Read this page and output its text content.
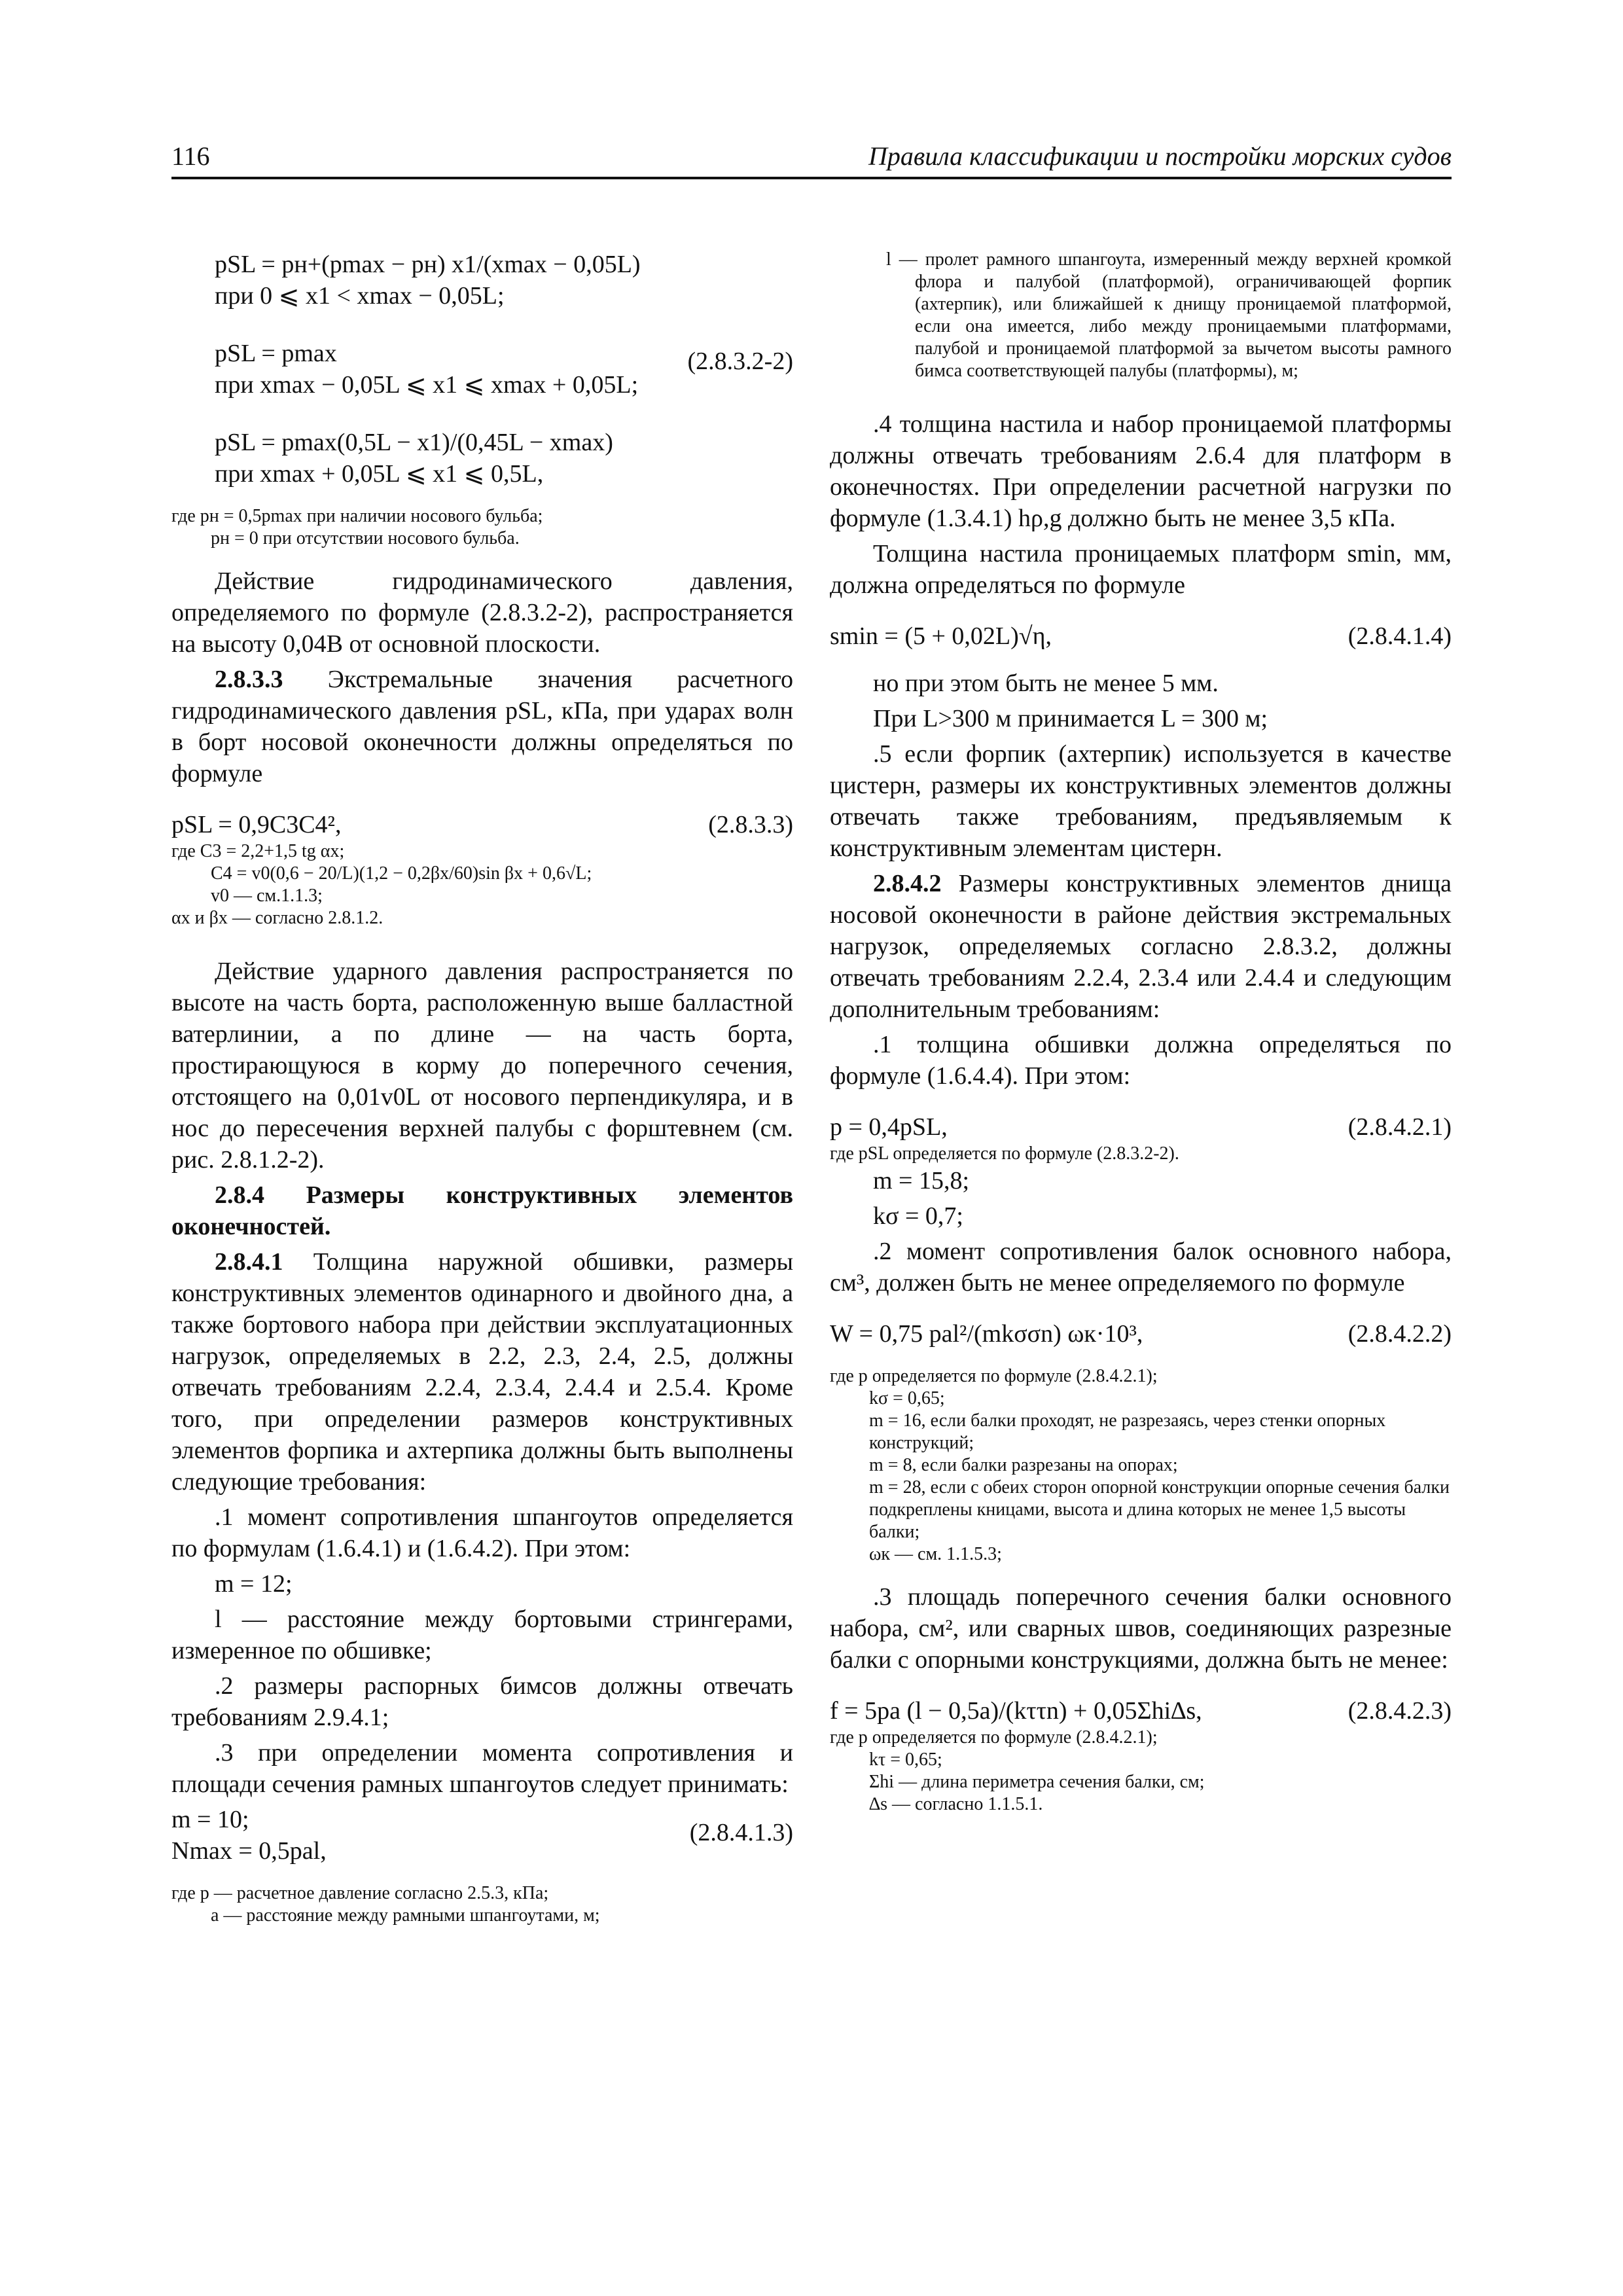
116	Правила классификации и постройки морских судов
pSL = pн+(pmax − pн) x1/(xmax − 0,05L)
при 0 ⩽ x1 < xmax − 0,05L;
pSL = pmax
при xmax − 0,05L ⩽ x1 ⩽ xmax + 0,05L;
(2.8.3.2-2)
pSL = pmax(0,5L − x1)/(0,45L − xmax)
при xmax + 0,05L ⩽ x1 ⩽ 0,5L,
где pн = 0,5pmax при наличии носового бульба;
pн = 0 при отсутствии носового бульба.

Действие гидродинамического давления, определяемого по формуле (2.8.3.2-2), распространяется на высоту 0,04B от основной плоскости.

2.8.3.3 Экстремальные значения расчетного гидродинамического давления pSL, кПа, при ударах волн в борт носовой оконечности должны определяться по формуле

pSL = 0,9C3C4²,	(2.8.3.3)
где C3 = 2,2+1,5 tg αx;
C4 = v0(0,6 − 20/L)(1,2 − 0,2βx/60)sin βx + 0,6√L;
v0 — см.1.1.3;
αx и βx — согласно 2.8.1.2.

Действие ударного давления распространяется по высоте на часть борта, расположенную выше балластной ватерлинии, а по длине — на часть борта, простирающуюся в корму до поперечного сечения, отстоящего на 0,01v0L от носового перпендикуляра, и в нос до пересечения верхней палубы с форштевнем (см. рис. 2.8.1.2-2).

2.8.4 Размеры конструктивных элементов оконечностей.

2.8.4.1 Толщина наружной обшивки, размеры конструктивных элементов одинарного и двойного дна, а также бортового набора при действии эксплуатационных нагрузок, определяемых в 2.2, 2.3, 2.4, 2.5, должны отвечать требованиям 2.2.4, 2.3.4, 2.4.4 и 2.5.4. Кроме того, при определении размеров конструктивных элементов форпика и ахтерпика должны быть выполнены следующие требования:

.1 момент сопротивления шпангоутов определяется по формулам (1.6.4.1) и (1.6.4.2). При этом:

m = 12;

l — расстояние между бортовыми стрингерами, измеренное по обшивке;

.2 размеры распорных бимсов должны отвечать требованиям 2.9.4.1;

.3 при определении момента сопротивления и площади сечения рамных шпангоутов следует принимать:

m = 10;
Nmax = 0,5pal,
(2.8.4.1.3)
где p — расчетное давление согласно 2.5.3, кПа;
a — расстояние между рамными шпангоутами, м;
l — пролет рамного шпангоута, измеренный между верхней кромкой флора и палубой (платформой), ограничивающей форпик (ахтерпик), или ближайшей к днищу проницаемой платформой, если она имеется, либо между проницаемыми платформами, палубой и проницаемой платформой за вычетом высоты рамного бимса соответствующей палубы (платформы), м;

.4 толщина настила и набор проницаемой платформы должны отвечать требованиям 2.6.4 для платформ в оконечностях. При определении расчетной нагрузки по формуле (1.3.4.1) hρ,g должно быть не менее 3,5 кПа.

Толщина настила проницаемых платформ smin, мм, должна определяться по формуле

smin = (5 + 0,02L)√η,	(2.8.4.1.4)

но при этом быть не менее 5 мм.

При L>300 м принимается L = 300 м;

.5 если форпик (ахтерпик) используется в качестве цистерн, размеры их конструктивных элементов должны отвечать также требованиям, предъявляемым к конструктивным элементам цистерн.

2.8.4.2 Размеры конструктивных элементов днища носовой оконечности в районе действия экстремальных нагрузок, определяемых согласно 2.8.3.2, должны отвечать требованиям 2.2.4, 2.3.4 или 2.4.4 и следующим дополнительным требованиям:

.1 толщина обшивки должна определяться по формуле (1.6.4.4). При этом:

p = 0,4pSL,	(2.8.4.2.1)
где pSL определяется по формуле (2.8.3.2-2).

m = 15,8;

kσ = 0,7;

.2 момент сопротивления балок основного набора, см³, должен быть не менее определяемого по формуле

W = 0,75 pal²/(mkσσn) ωк·10³,	(2.8.4.2.2)
где p определяется по формуле (2.8.4.2.1);
kσ = 0,65;
m = 16, если балки проходят, не разрезаясь, через стенки опорных конструкций;
m = 8, если балки разрезаны на опорах;
m = 28, если с обеих сторон опорной конструкции опорные сечения балки подкреплены кницами, высота и длина которых не менее 1,5 высоты балки;
ωк — см. 1.1.5.3;

.3 площадь поперечного сечения балки основного набора, см², или сварных швов, соединяющих разрезные балки с опорными конструкциями, должна быть не менее:

f = 5pa (l − 0,5a)/(kττn) + 0,05Σhi∆s,	(2.8.4.2.3)
где p определяется по формуле (2.8.4.2.1);
kτ = 0,65;
Σhi — длина периметра сечения балки, см;
∆s — согласно 1.1.5.1.
